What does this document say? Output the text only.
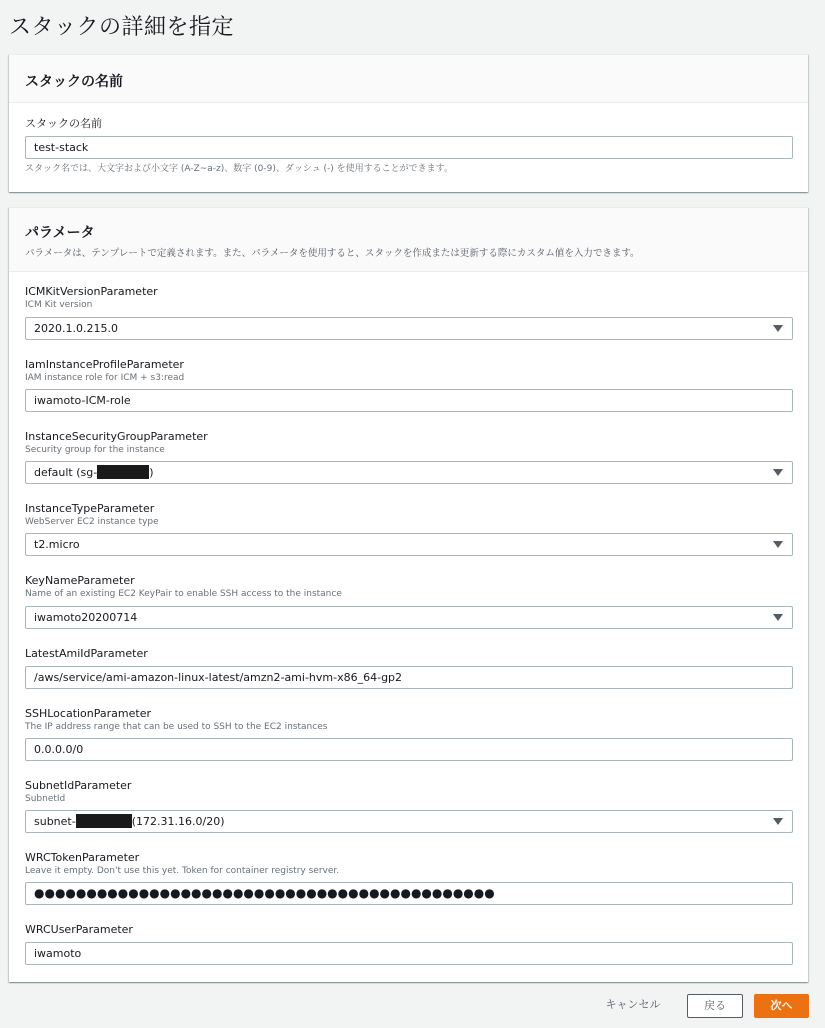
スタックの詳細を指定
スタックの名前
スタックの名前
test-stack
スタック名では、大文字および小文字 (A-Z~a-z)、数字 (0-9)、ダッシュ (-) を使用することができます。
パラメータ
パラメータは、テンプレートで定義されます。また、パラメータを使用すると、スタックを作成または更新する際にカスタム値を入力できます。
ICMKitVersionParameter
ICM Kit version
2020.1.0.215.0
IamInstanceProfileParameter
IAM instance role for ICM + s3:read
iwamoto-ICM-role
InstanceSecurityGroupParameter
Security group for the instance
default (sg-	)
InstanceTypeParameter
WebServer EC2 instance type
t2.micro
KeyNameParameter
Name of an existing EC2 KeyPair to enable SSH access to the instance
iwamoto20200714
LatestAmiIdParameter
/aws/service/ami-amazon-linux-latest/amzn2-ami-hvm-x86_64-gp2
SSHLocationParameter
The IP address range that can be used to SSH to the EC2 instances
0.0.0.0/0
SubnetIdParameter
SubnetId
subnet-	(172.31.16.0/20)
WRCTokenParameter
Leave it empty. Don't use this yet. Token for container registry server.
●●●●●●●●●●●●●●●●●●●●●●●●●●●●●●●●●●●●●●●●●●●●
WRCUserParameter
iwamoto
キャンセル	戻る	次へ
